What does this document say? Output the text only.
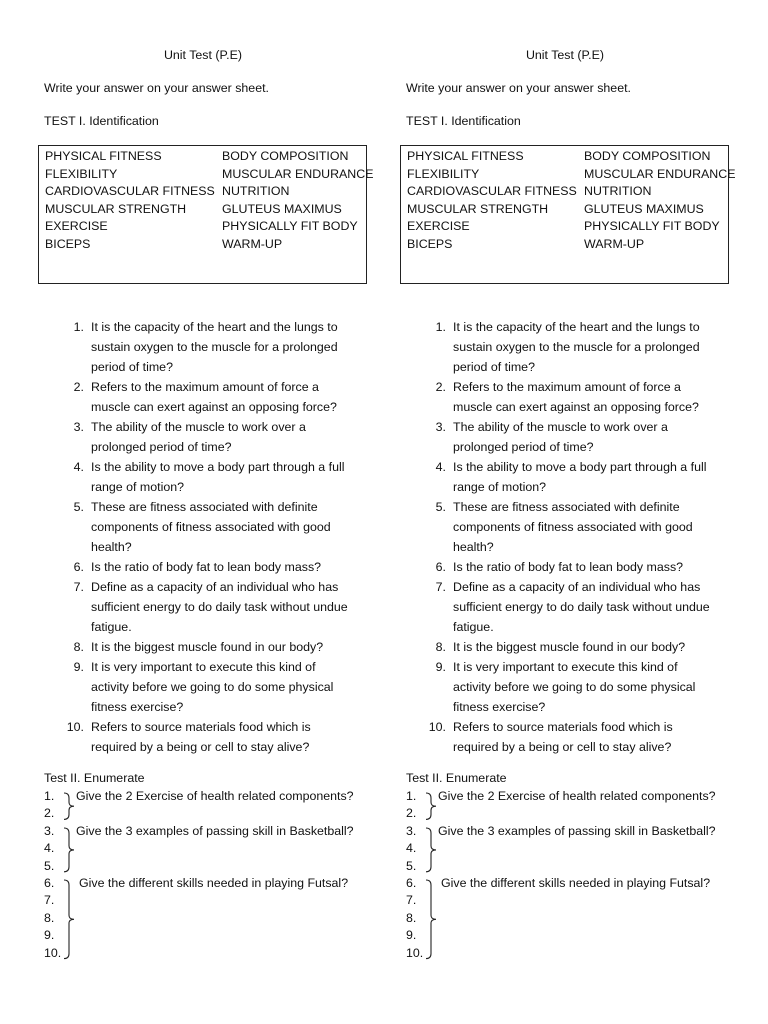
Unit Test (P.E)
Write your answer on your answer sheet.
TEST I. Identification
PHYSICAL FITNESS
FLEXIBILITY
CARDIOVASCULAR FITNESS
MUSCULAR STRENGTH
EXERCISE
BICEPS
BODY COMPOSITION
MUSCULAR ENDURANCE
NUTRITION
GLUTEUS MAXIMUS
PHYSICALLY FIT BODY
WARM-UP
1. It is the capacity of the heart and the lungs to
sustain oxygen to the muscle for a prolonged
period of time?
2. Refers to the maximum amount of force a
muscle can exert against an opposing force?
3. The ability of the muscle to work over a
prolonged period of time?
4. Is the ability to move a body part through a full
range of motion?
5. These are fitness associated with definite
components of fitness associated with good
health?
6. Is the ratio of body fat to lean body mass?
7. Define as a capacity of an individual who has
sufficient energy to do daily task without undue
fatigue.
8. It is the biggest muscle found in our body?
9. It is very important to execute this kind of
activity before we going to do some physical
fitness exercise?
10. Refers to source materials food which is
required by a being or cell to stay alive?
Test II. Enumerate
1.
2.
3.
4.
5.
6.
7.
8.
9.
10.
Give the 2 Exercise of health related components?
Give the 3 examples of passing skill in Basketball?
Give the different skills needed in playing Futsal?
Unit Test (P.E)
Write your answer on your answer sheet.
TEST I. Identification
PHYSICAL FITNESS
FLEXIBILITY
CARDIOVASCULAR FITNESS
MUSCULAR STRENGTH
EXERCISE
BICEPS
BODY COMPOSITION
MUSCULAR ENDURANCE
NUTRITION
GLUTEUS MAXIMUS
PHYSICALLY FIT BODY
WARM-UP
1. It is the capacity of the heart and the lungs to
sustain oxygen to the muscle for a prolonged
period of time?
2. Refers to the maximum amount of force a
muscle can exert against an opposing force?
3. The ability of the muscle to work over a
prolonged period of time?
4. Is the ability to move a body part through a full
range of motion?
5. These are fitness associated with definite
components of fitness associated with good
health?
6. Is the ratio of body fat to lean body mass?
7. Define as a capacity of an individual who has
sufficient energy to do daily task without undue
fatigue.
8. It is the biggest muscle found in our body?
9. It is very important to execute this kind of
activity before we going to do some physical
fitness exercise?
10. Refers to source materials food which is
required by a being or cell to stay alive?
Test II. Enumerate
1.
2.
3.
4.
5.
6.
7.
8.
9.
10.
Give the 2 Exercise of health related components?
Give the 3 examples of passing skill in Basketball?
Give the different skills needed in playing Futsal?
